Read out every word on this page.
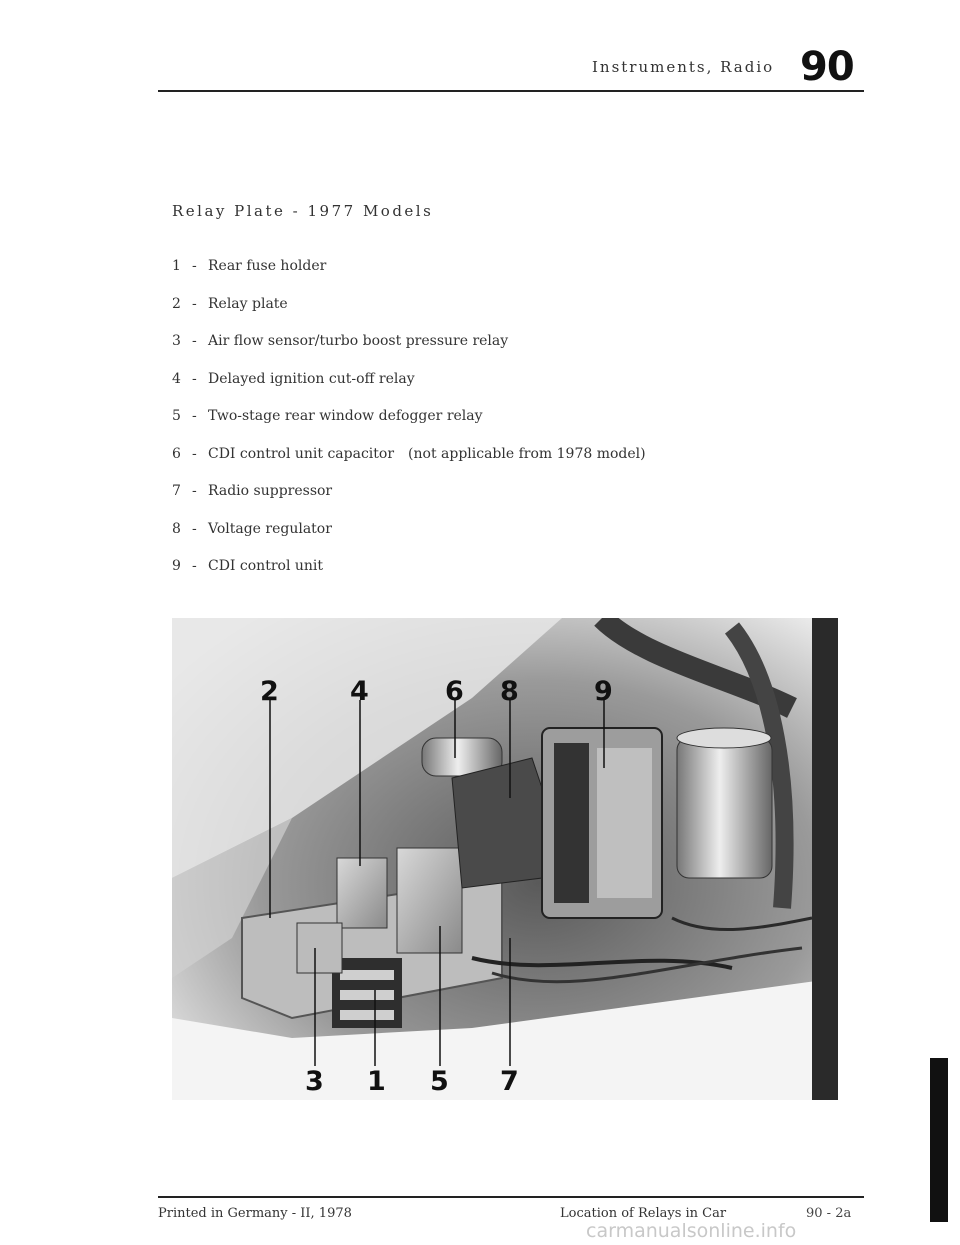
Instruments, Radio 90
Relay Plate - 1977 Models
1 - Rear fuse holder
2 - Relay plate
3 - Air flow sensor/turbo boost pressure relay
4 - Delayed ignition cut-off relay
5 - Two-stage rear window defogger relay
6 - CDI control unit capacitor (not applicable from 1978 model)
7 - Radio suppressor
8 - Voltage regulator
9 - CDI control unit
2	4	6 8	9
3 1 5 7
Printed in Germany - II, 1978	Location of Relays in Car	90 - 2a
carmanualsonline.info
